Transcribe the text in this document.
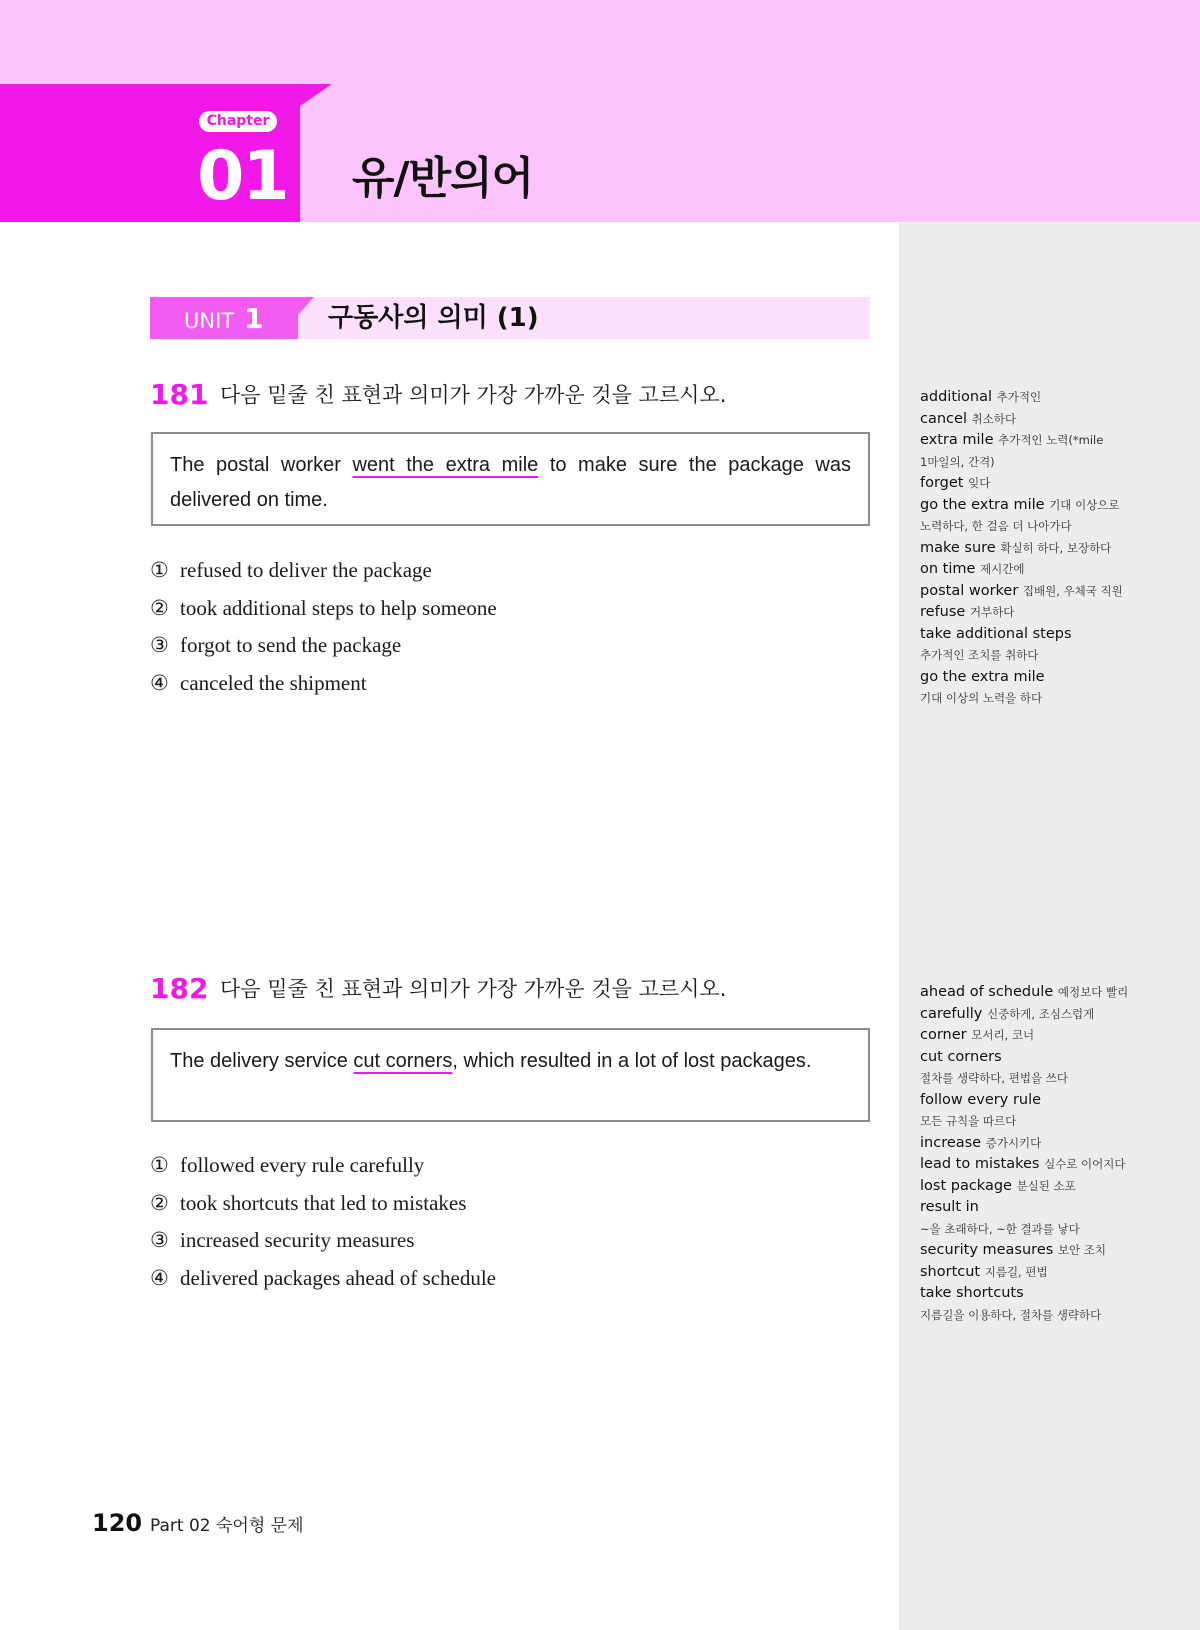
Chapter
01 유/반의어
UNIT 1 구동사의 의미 (1)
181 다음 밑줄 친 표현과 의미가 가장 가까운 것을 고르시오.
The postal worker went the extra mile to make sure the package was delivered on time.
① refused to deliver the package
② took additional steps to help someone
③ forgot to send the package
④ canceled the shipment
additional 추가적인
cancel 취소하다
extra mile 추가적인 노력(*mile
1마일의, 간격)
forget 잊다
go the extra mile 기대 이상으로
노력하다, 한 걸음 더 나아가다
make sure 확실히 하다, 보장하다
on time 제시간에
postal worker 집배원, 우체국 직원
refuse 거부하다
take additional steps
추가적인 조치를 취하다
go the extra mile
기대 이상의 노력을 하다
182 다음 밑줄 친 표현과 의미가 가장 가까운 것을 고르시오.
The delivery service cut corners, which resulted in a lot of lost packages.
① followed every rule carefully
② took shortcuts that led to mistakes
③ increased security measures
④ delivered packages ahead of schedule
ahead of schedule 예정보다 빨리
carefully 신중하게, 조심스럽게
corner 모서리, 코너
cut corners
절차를 생략하다, 편법을 쓰다
follow every rule
모든 규칙을 따르다
increase 증가시키다
lead to mistakes 실수로 이어지다
lost package 분실된 소포
result in
~을 초래하다, ~한 결과를 낳다
security measures 보안 조치
shortcut 지름길, 편법
take shortcuts
지름길을 이용하다, 절차를 생략하다
120 Part 02 숙어형 문제
